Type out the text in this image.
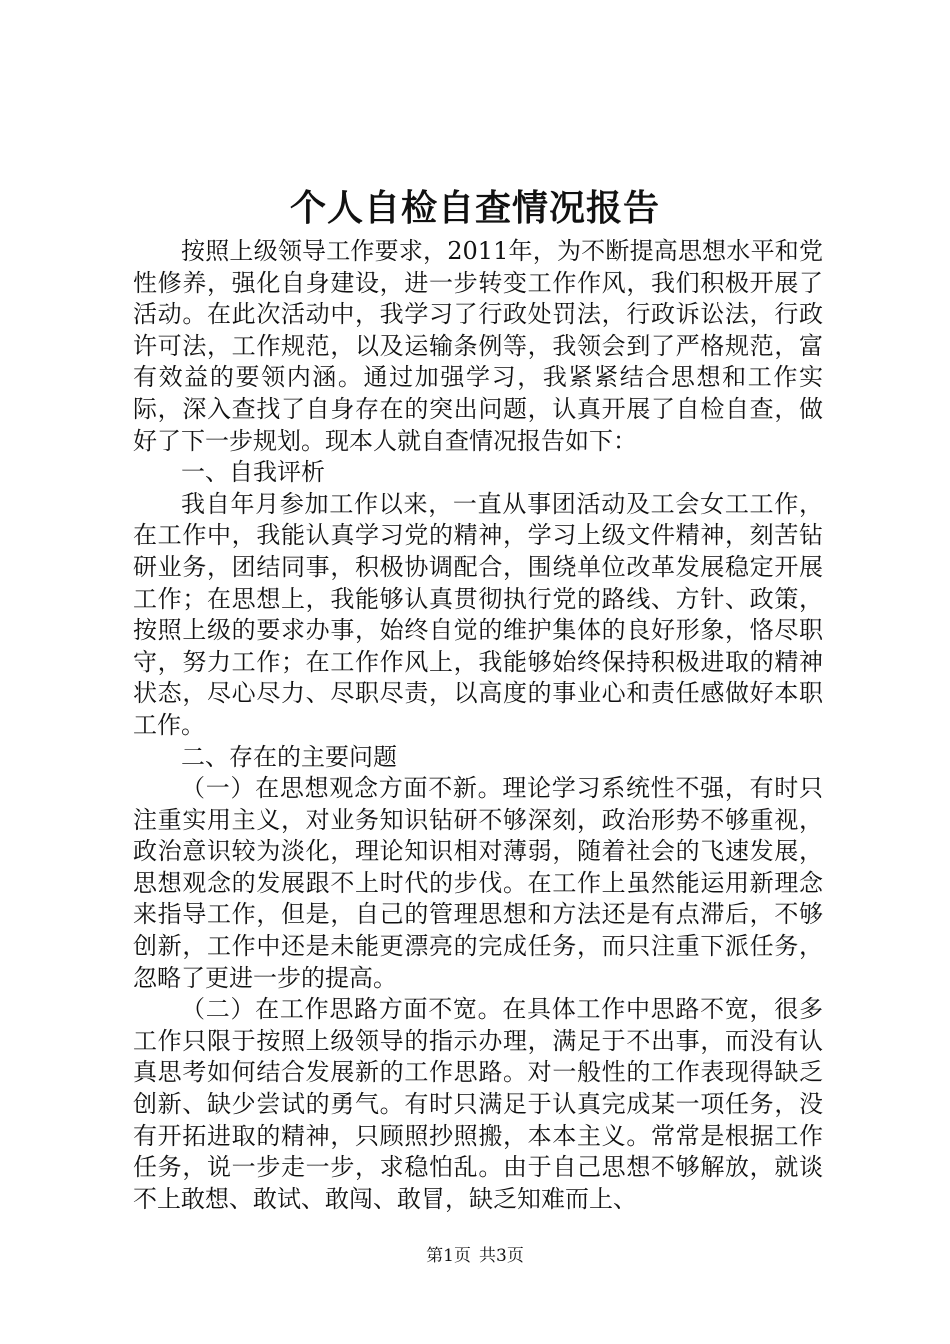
个人自检自查情况报告

按照上级领导工作要求，2011年，为不断提高思想水平和党性修养，强化自身建设，进一步转变工作作风，我们积极开展了活动。在此次活动中，我学习了行政处罚法，行政诉讼法，行政许可法，工作规范，以及运输条例等，我领会到了严格规范，富有效益的要领内涵。通过加强学习，我紧紧结合思想和工作实际，深入查找了自身存在的突出问题，认真开展了自检自查，做好了下一步规划。现本人就自查情况报告如下：

一、自我评析

我自年月参加工作以来，一直从事团活动及工会女工工作，在工作中，我能认真学习党的精神，学习上级文件精神，刻苦钻研业务，团结同事，积极协调配合，围绕单位改革发展稳定开展工作；在思想上，我能够认真贯彻执行党的路线、方针、政策，按照上级的要求办事，始终自觉的维护集体的良好形象，恪尽职守，努力工作；在工作作风上，我能够始终保持积极进取的精神状态，尽心尽力、尽职尽责，以高度的事业心和责任感做好本职工作。

二、存在的主要问题

（一）在思想观念方面不新。理论学习系统性不强，有时只注重实用主义，对业务知识钻研不够深刻，政治形势不够重视，政治意识较为淡化，理论知识相对薄弱，随着社会的飞速发展，思想观念的发展跟不上时代的步伐。在工作上虽然能运用新理念来指导工作，但是，自己的管理思想和方法还是有点滞后，不够创新，工作中还是未能更漂亮的完成任务，而只注重下派任务，忽略了更进一步的提高。

（二）在工作思路方面不宽。在具体工作中思路不宽，很多工作只限于按照上级领导的指示办理，满足于不出事，而没有认真思考如何结合发展新的工作思路。对一般性的工作表现得缺乏创新、缺少尝试的勇气。有时只满足于认真完成某一项任务，没有开拓进取的精神，只顾照抄照搬，本本主义。常常是根据工作任务，说一步走一步，求稳怕乱。由于自己思想不够解放，就谈不上敢想、敢试、敢闯、敢冒，缺乏知难而上、

第1页 共3页
